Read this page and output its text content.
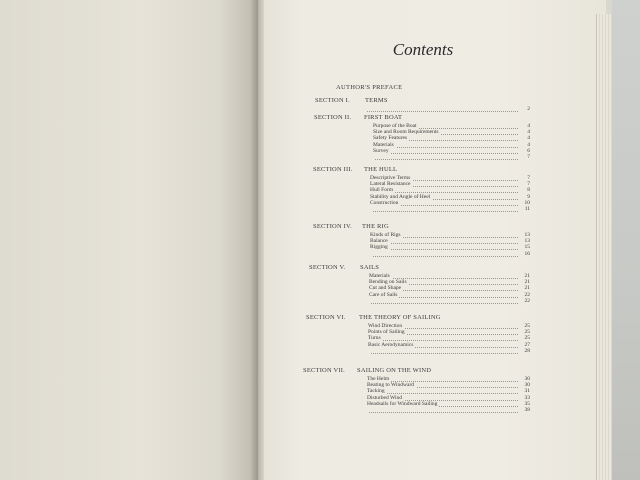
Contents
AUTHOR'S PREFACE
SECTION I. TERMS
2
SECTION II. FIRST BOAT
Purpose of the Boat	4
Size and Room Requirements	4
Safety Features	4
Materials	4
Survey	6
7
SECTION III. THE HULL
Descriptive Terms	7
Lateral Resistance	7
Hull Form	8
Stability and Angle of Heel	9
Construction	10
11
SECTION IV. THE RIG
Kinds of Rigs	13
Balance	13
Rigging	15
16
SECTION V. SAILS
Materials	21
Bending on Sails	21
Cut and Shape	21
Care of Sails	22
22
SECTION VI. THE THEORY OF SAILING
Wind Direction	25
Points of Sailing	25
Turns	25
Basic Aerodynamics	27
28
SECTION VII. SAILING ON THE WIND
The Helm	30
Beating to Windward	30
Tacking	31
Disturbed Wind	33
Headsails for Windward Sailing	35
38
